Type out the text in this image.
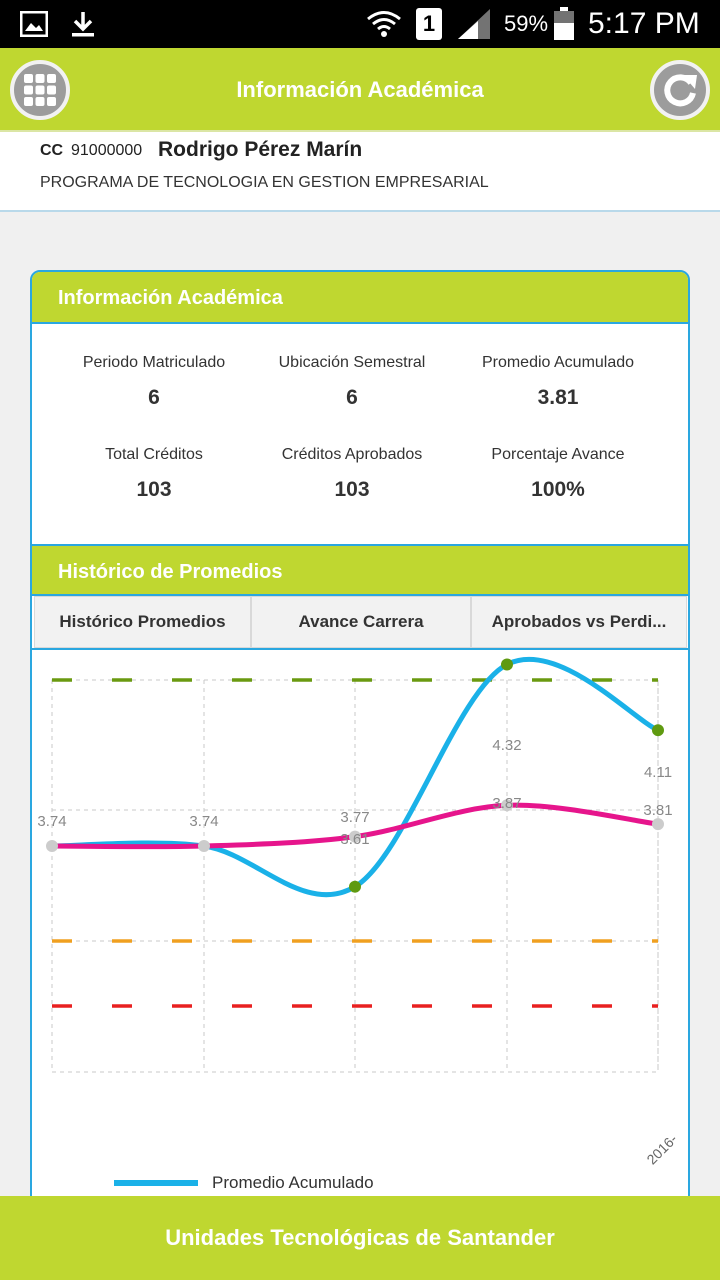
1	59% 5:17 PM
Información Académica
CC 91000000 Rodrigo Pérez Marín
PROGRAMA DE TECNOLOGIA EN GESTION EMPRESARIAL
Información Académica
Periodo Matriculado
6
Ubicación Semestral
6
Promedio Acumulado
3.81
Total Créditos
103
Créditos Aprobados
103
Porcentaje Avance
100%
Histórico de Promedios
Histórico Promedios	Avance Carrera	Aprobados vs Perdi...
3.74	3.74	3.77
3.61
4.32
3.87
4.11
3.81
2016-
Promedio Acumulado
Unidades Tecnológicas de Santander
